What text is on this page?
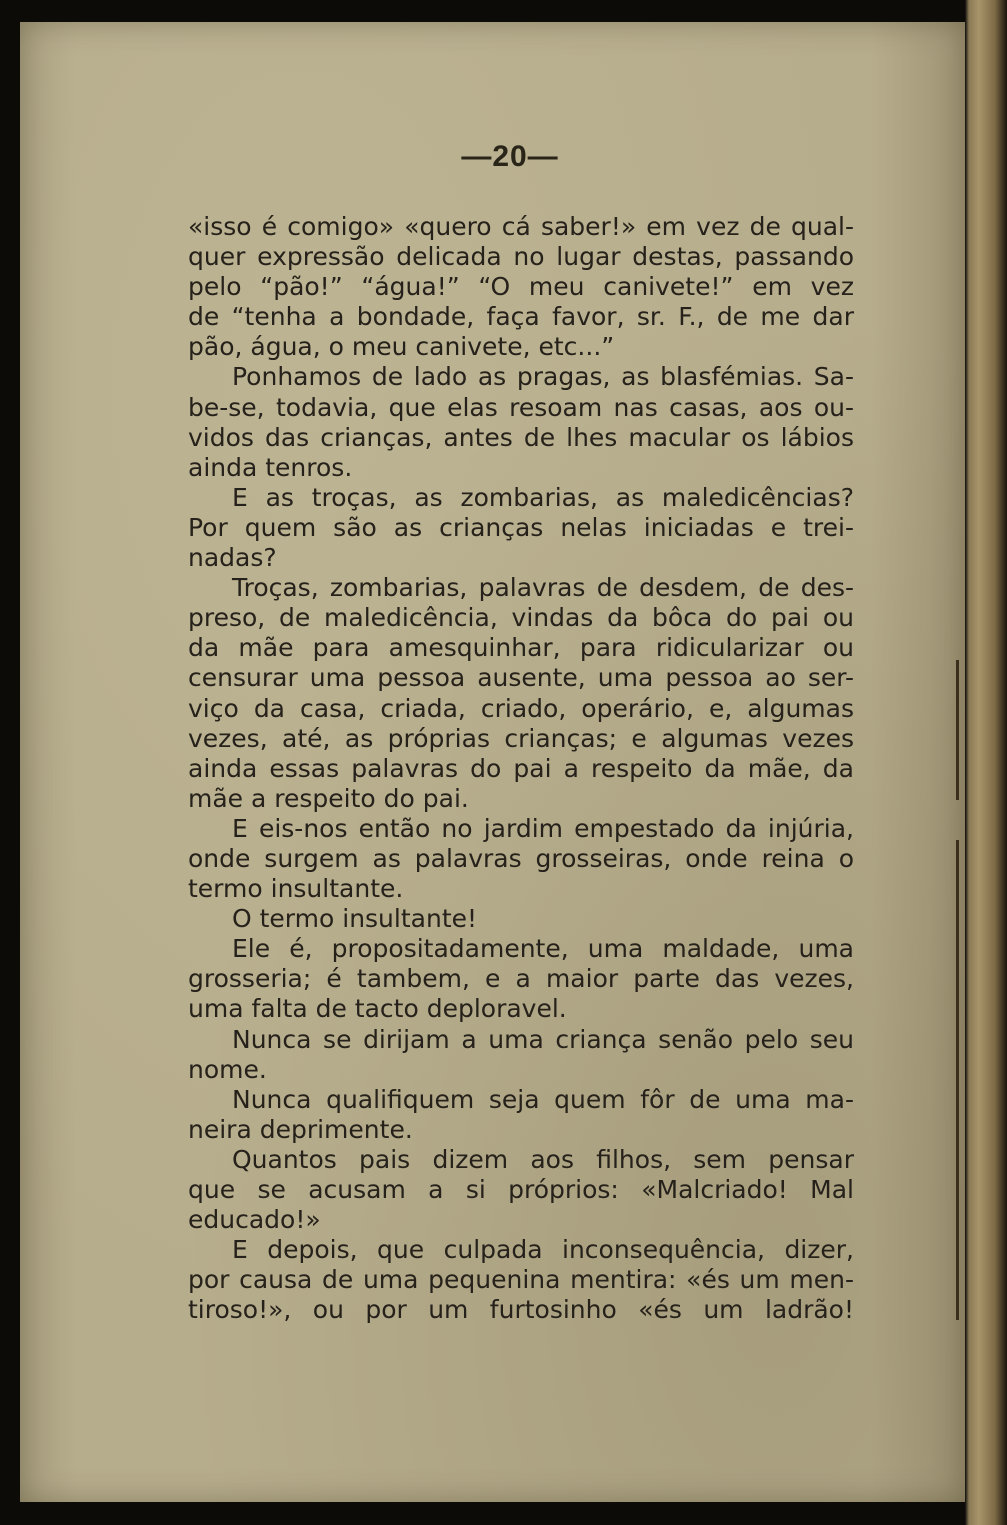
—20—
«isso é comigo» «quero cá saber!» em vez de qual-
quer expressão delicada no lugar destas, passando
pelo “pão!” “água!” “O meu canivete!” em vez
de “tenha a bondade, faça favor, sr. F., de me dar
pão, água, o meu canivete, etc...”
Ponhamos de lado as pragas, as blasfémias. Sa-
be-se, todavia, que elas resoam nas casas, aos ou-
vidos das crianças, antes de lhes macular os lábios
ainda tenros.
E as troças, as zombarias, as maledicências?
Por quem são as crianças nelas iniciadas e trei-
nadas?
Troças, zombarias, palavras de desdem, de des-
preso, de maledicência, vindas da bôca do pai ou
da mãe para amesquinhar, para ridicularizar ou
censurar uma pessoa ausente, uma pessoa ao ser-
viço da casa, criada, criado, operário, e, algumas
vezes, até, as próprias crianças; e algumas vezes
ainda essas palavras do pai a respeito da mãe, da
mãe a respeito do pai.
E eis-nos então no jardim empestado da injúria,
onde surgem as palavras grosseiras, onde reina o
termo insultante.
O termo insultante!
Ele é, propositadamente, uma maldade, uma
grosseria; é tambem, e a maior parte das vezes,
uma falta de tacto deploravel.
Nunca se dirijam a uma criança senão pelo seu
nome.
Nunca qualifiquem seja quem fôr de uma ma-
neira deprimente.
Quantos pais dizem aos filhos, sem pensar
que se acusam a si próprios: «Malcriado! Mal
educado!»
E depois, que culpada inconsequência, dizer,
por causa de uma pequenina mentira: «és um men-
tiroso!», ou por um furtosinho «és um ladrão!
